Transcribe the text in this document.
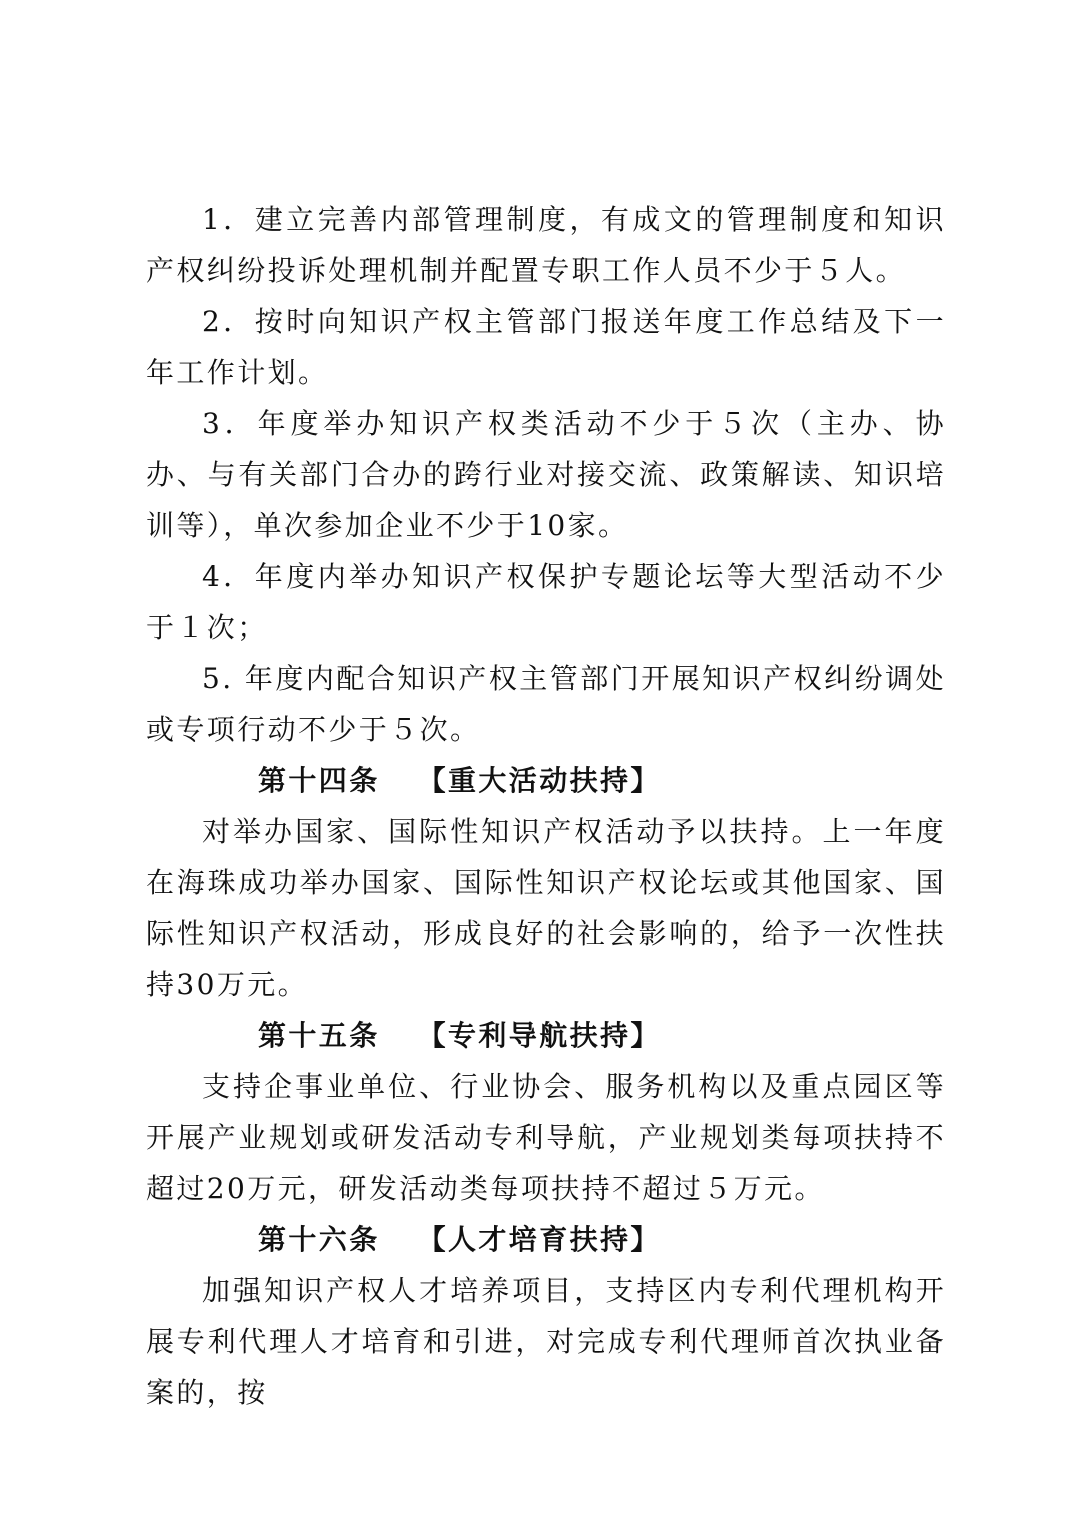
1．建立完善内部管理制度，有成文的管理制度和知识产权纠纷投诉处理机制并配置专职工作人员不少于５人。

2．按时向知识产权主管部门报送年度工作总结及下一年工作计划。

3．年度举办知识产权类活动不少于５次（主办、协办、与有关部门合办的跨行业对接交流、政策解读、知识培训等），单次参加企业不少于10家。

4．年度内举办知识产权保护专题论坛等大型活动不少于１次；

5. 年度内配合知识产权主管部门开展知识产权纠纷调处或专项行动不少于５次。

第十四条 【重大活动扶持】

对举办国家、国际性知识产权活动予以扶持。上一年度在海珠成功举办国家、国际性知识产权论坛或其他国家、国际性知识产权活动，形成良好的社会影响的，给予一次性扶持30万元。

第十五条 【专利导航扶持】

支持企事业单位、行业协会、服务机构以及重点园区等开展产业规划或研发活动专利导航，产业规划类每项扶持不超过20万元，研发活动类每项扶持不超过５万元。

第十六条 【人才培育扶持】

加强知识产权人才培养项目，支持区内专利代理机构开展专利代理人才培育和引进，对完成专利代理师首次执业备案的，按
